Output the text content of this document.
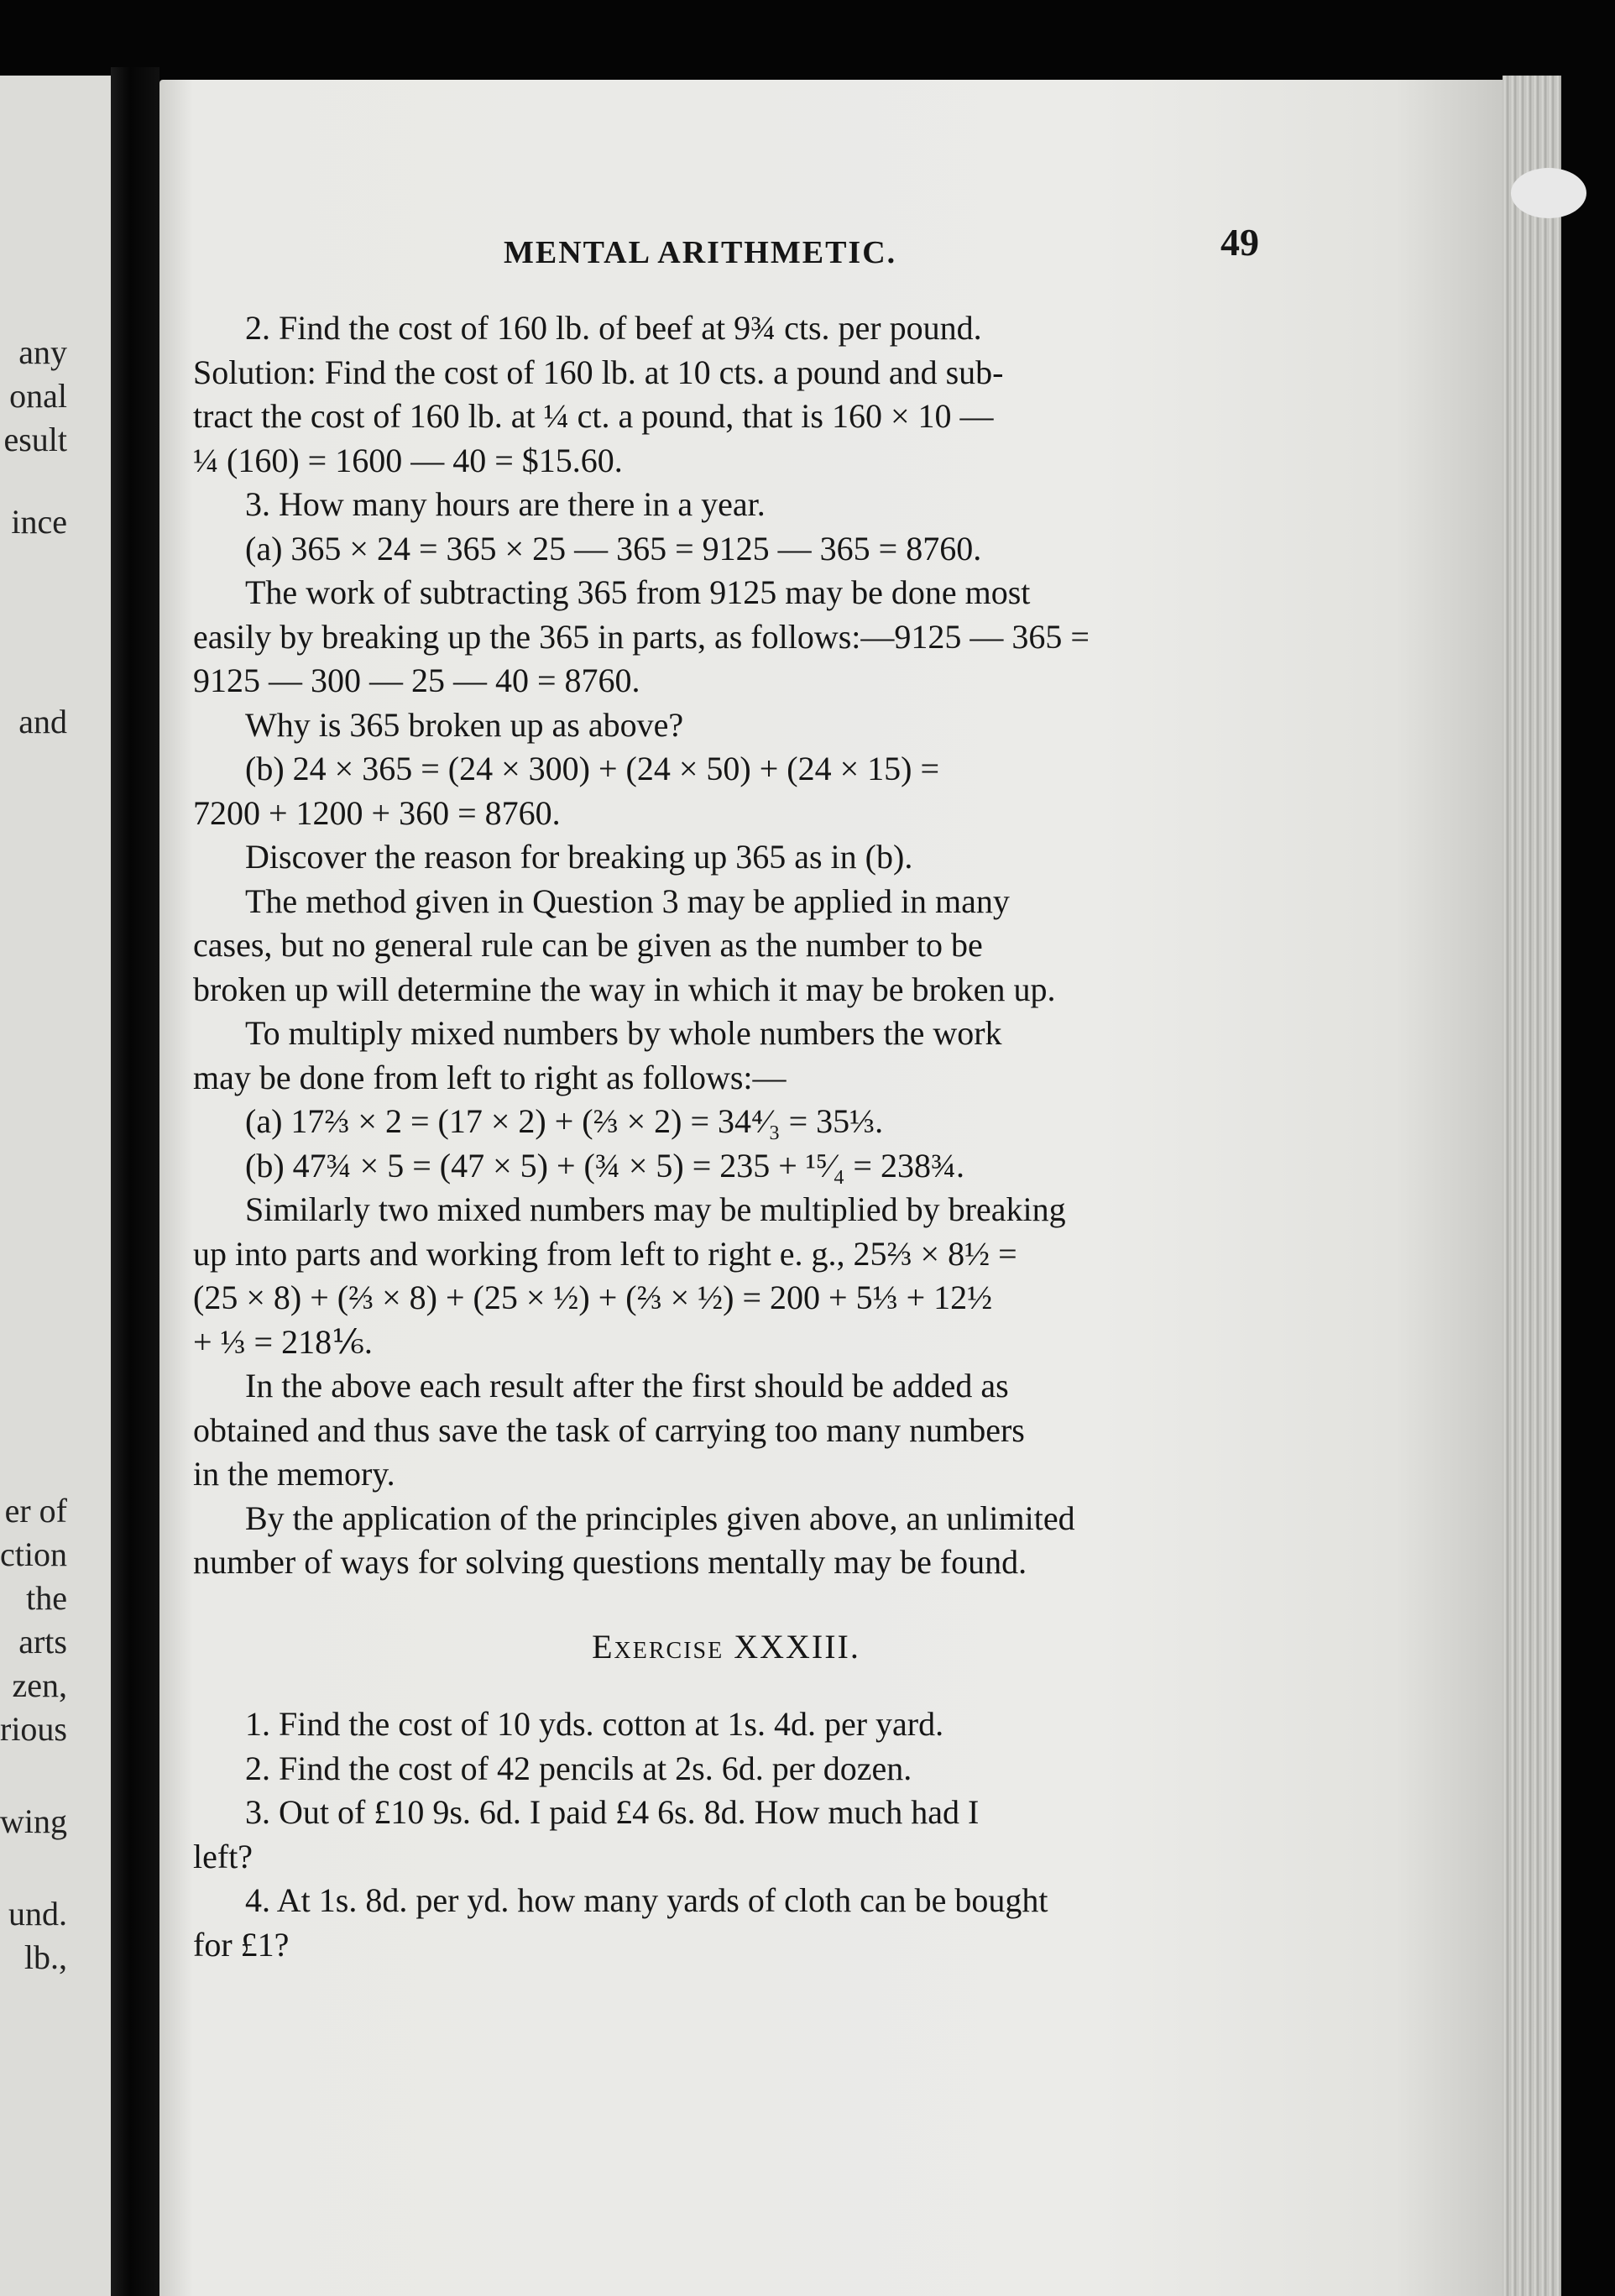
any
onal
esult
ince
and
er of
ction
the
arts
zen,
rious
wing
und.
lb.,
MENTAL ARITHMETIC.	49
2. Find the cost of 160 lb. of beef at 9¾ cts. per pound.
Solution: Find the cost of 160 lb. at 10 cts. a pound and sub-
tract the cost of 160 lb. at ¼ ct. a pound, that is 160 × 10 —
¼ (160) = 1600 — 40 = $15.60.
3. How many hours are there in a year.
(a) 365 × 24 = 365 × 25 — 365 = 9125 — 365 = 8760.
The work of subtracting 365 from 9125 may be done most
easily by breaking up the 365 in parts, as follows:—9125 — 365 =
9125 — 300 — 25 — 40 = 8760.
Why is 365 broken up as above?
(b) 24 × 365 = (24 × 300) + (24 × 50) + (24 × 15) =
7200 + 1200 + 360 = 8760.
Discover the reason for breaking up 365 as in (b).
The method given in Question 3 may be applied in many
cases, but no general rule can be given as the number to be
broken up will determine the way in which it may be broken up.
To multiply mixed numbers by whole numbers the work
may be done from left to right as follows:—
(a) 17⅔ × 2 = (17 × 2) + (⅔ × 2) = 34⁴⁄₃ = 35⅓.
(b) 47¾ × 5 = (47 × 5) + (¾ × 5) = 235 + ¹⁵⁄₄ = 238¾.
Similarly two mixed numbers may be multiplied by breaking
up into parts and working from left to right e. g., 25⅔ × 8½ =
(25 × 8) + (⅔ × 8) + (25 × ½) + (⅔ × ½) = 200 + 5⅓ + 12½
+ ⅓ = 218⅙.
In the above each result after the first should be added as
obtained and thus save the task of carrying too many numbers
in the memory.
By the application of the principles given above, an unlimited
number of ways for solving questions mentally may be found.
Exercise XXXIII.
1. Find the cost of 10 yds. cotton at 1s. 4d. per yard.
2. Find the cost of 42 pencils at 2s. 6d. per dozen.
3. Out of £10 9s. 6d. I paid £4 6s. 8d. How much had I
left?
4. At 1s. 8d. per yd. how many yards of cloth can be bought
for £1?
